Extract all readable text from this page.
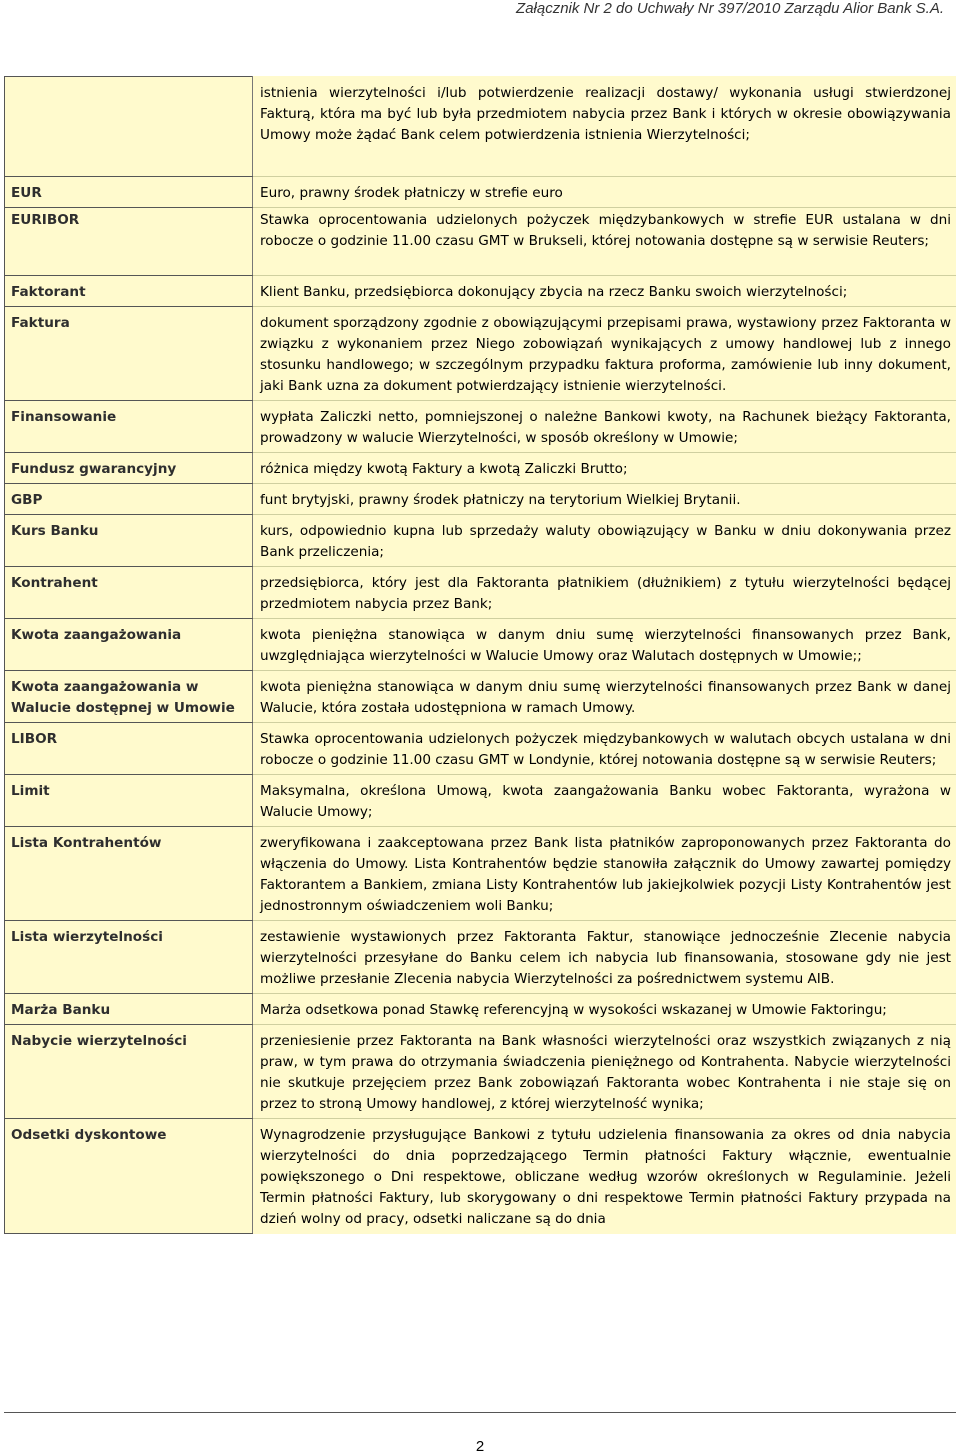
Załącznik Nr 2 do Uchwały Nr 397/2010 Zarządu Alior Bank S.A.
	istnienia wierzytelności i/lub potwierdzenie realizacji dostawy/ wykonania usługi stwierdzonej Fakturą, która ma być lub była przedmiotem nabycia przez Bank i których w okresie obowiązywania Umowy może żądać Bank celem potwierdzenia istnienia Wierzytelności;
EUR	Euro, prawny środek płatniczy w strefie euro
EURIBOR	Stawka oprocentowania udzielonych pożyczek międzybankowych w strefie EUR ustalana w dni robocze o godzinie 11.00 czasu GMT w Brukseli, której notowania dostępne są w serwisie Reuters;
Faktorant	Klient Banku, przedsiębiorca dokonujący zbycia na rzecz Banku swoich wierzytelności;
Faktura	dokument sporządzony zgodnie z obowiązującymi przepisami prawa, wystawiony przez Faktoranta w związku z wykonaniem przez Niego zobowiązań wynikających z umowy handlowej lub z innego stosunku handlowego; w szczególnym przypadku faktura proforma, zamówienie lub inny dokument, jaki Bank uzna za dokument potwierdzający istnienie wierzytelności.
Finansowanie	wypłata Zaliczki netto, pomniejszonej o należne Bankowi kwoty, na Rachunek bieżący Faktoranta, prowadzony w walucie Wierzytelności, w sposób określony w Umowie;
Fundusz gwarancyjny	różnica między kwotą Faktury a kwotą Zaliczki Brutto;
GBP	funt brytyjski, prawny środek płatniczy na terytorium Wielkiej Brytanii.
Kurs Banku	kurs, odpowiednio kupna lub sprzedaży waluty obowiązujący w Banku w dniu dokonywania przez Bank przeliczenia;
Kontrahent	przedsiębiorca, który jest dla Faktoranta płatnikiem (dłużnikiem) z tytułu wierzytelności będącej przedmiotem nabycia przez Bank;
Kwota zaangażowania	kwota pieniężna stanowiąca w danym dniu sumę wierzytelności finansowanych przez Bank, uwzględniająca wierzytelności w Walucie Umowy oraz Walutach dostępnych w Umowie;;
Kwota zaangażowania w Walucie dostępnej w Umowie	kwota pieniężna stanowiąca w danym dniu sumę wierzytelności finansowanych przez Bank w danej Walucie, która została udostępniona w ramach Umowy.
LIBOR	Stawka oprocentowania udzielonych pożyczek międzybankowych w walutach obcych ustalana w dni robocze o godzinie 11.00 czasu GMT w Londynie, której notowania dostępne są w serwisie Reuters;
Limit	Maksymalna, określona Umową, kwota zaangażowania Banku wobec Faktoranta, wyrażona w Walucie Umowy;
Lista Kontrahentów	zweryfikowana i zaakceptowana przez Bank lista płatników zaproponowanych przez Faktoranta do włączenia do Umowy. Lista Kontrahentów będzie stanowiła załącznik do Umowy zawartej pomiędzy Faktorantem a Bankiem, zmiana Listy Kontrahentów lub jakiejkolwiek pozycji Listy Kontrahentów jest jednostronnym oświadczeniem woli Banku;
Lista wierzytelności	zestawienie wystawionych przez Faktoranta Faktur, stanowiące jednocześnie Zlecenie nabycia wierzytelności przesyłane do Banku celem ich nabycia lub finansowania, stosowane gdy nie jest możliwe przesłanie Zlecenia nabycia Wierzytelności za pośrednictwem systemu AIB.
Marża Banku	Marża odsetkowa ponad Stawkę referencyjną w wysokości wskazanej w Umowie Faktoringu;
Nabycie wierzytelności	przeniesienie przez Faktoranta na Bank własności wierzytelności oraz wszystkich związanych z nią praw, w tym prawa do otrzymania świadczenia pieniężnego od Kontrahenta. Nabycie wierzytelności nie skutkuje przejęciem przez Bank zobowiązań Faktoranta wobec Kontrahenta i nie staje się on przez to stroną Umowy handlowej, z której wierzytelność wynika;
Odsetki dyskontowe	Wynagrodzenie przysługujące Bankowi z tytułu udzielenia finansowania za okres od dnia nabycia wierzytelności do dnia poprzedzającego Termin płatności Faktury włącznie, ewentualnie powiększonego o Dni respektowe, obliczane według wzorów określonych w Regulaminie. Jeżeli Termin płatności Faktury, lub skorygowany o dni respektowe Termin płatności Faktury przypada na dzień wolny od pracy, odsetki naliczane są do dnia
2
